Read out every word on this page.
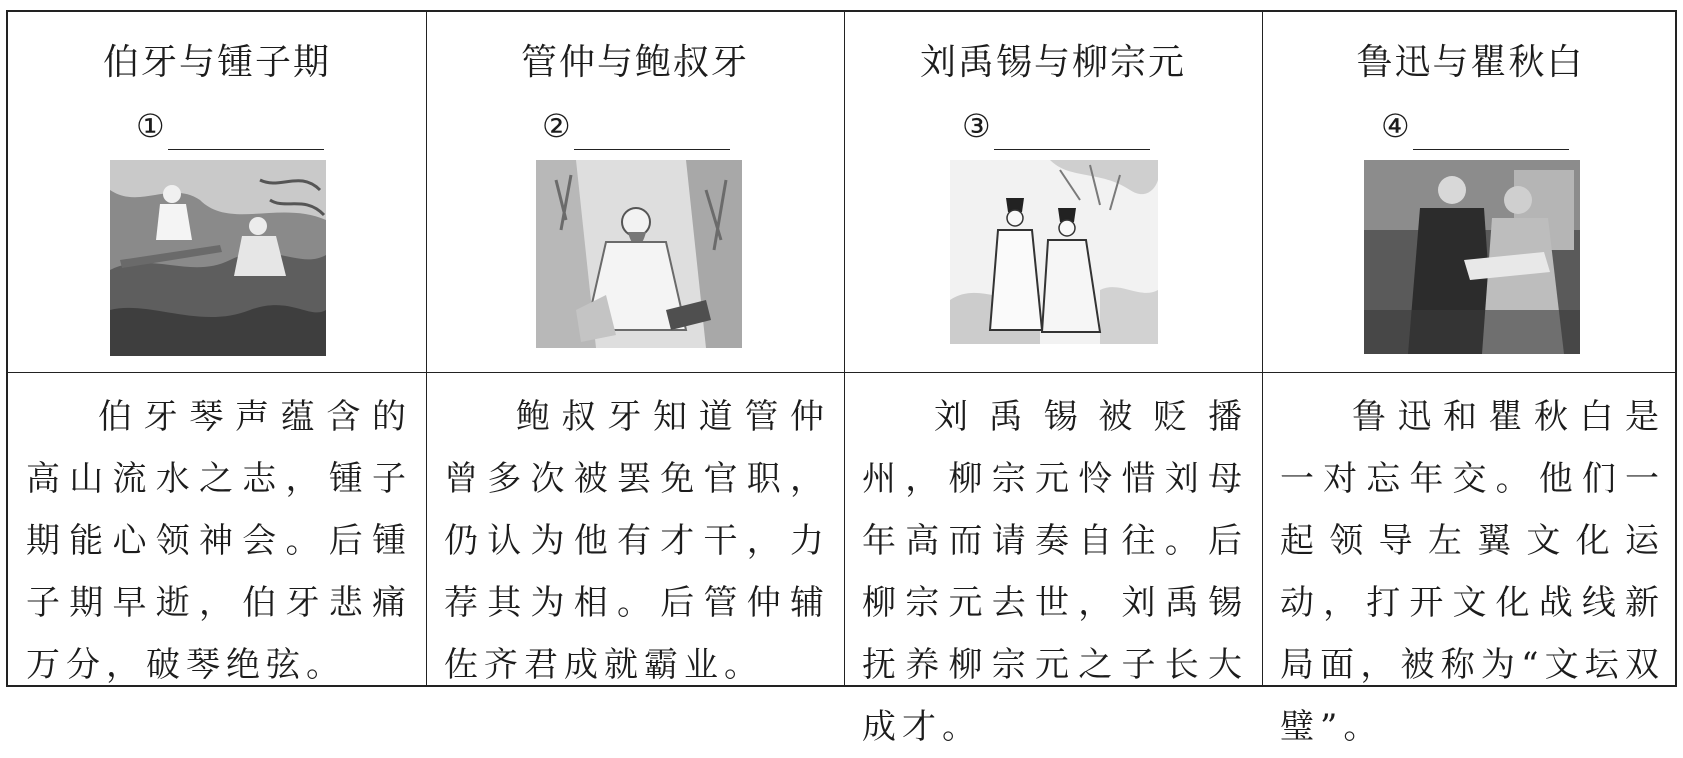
伯牙与锺子期
①
伯牙琴声蕴含的高山流水之志，锺子期能心领神会。后锺子期早逝，伯牙悲痛万分，破琴绝弦。
管仲与鲍叔牙
②
鲍叔牙知道管仲曾多次被罢免官职，仍认为他有才干，力荐其为相。后管仲辅佐齐君成就霸业。
刘禹锡与柳宗元
③
刘禹锡被贬播州，柳宗元怜惜刘母年高而请奏自往。后柳宗元去世，刘禹锡抚养柳宗元之子长大成才。
鲁迅与瞿秋白
④
鲁迅和瞿秋白是一对忘年交。他们一起领导左翼文化运动，打开文化战线新局面，被称为“文坛双璧”。
